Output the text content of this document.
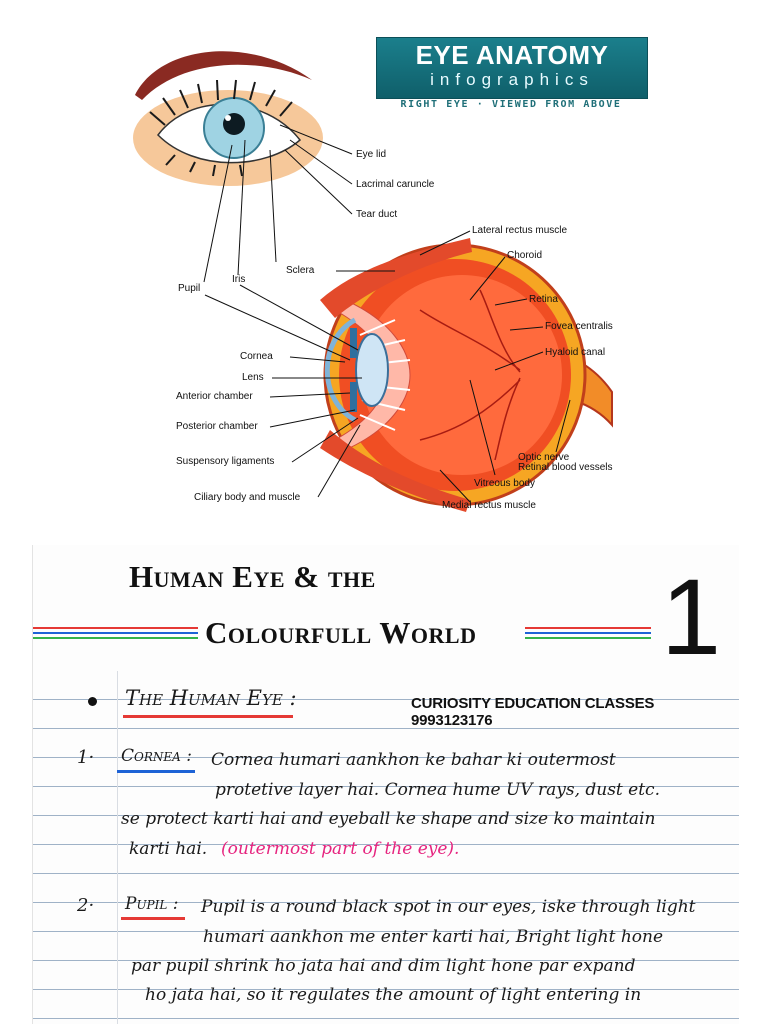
EYE ANATOMY
infographics
RIGHT EYE · VIEWED FROM ABOVE
Eye lid
Lacrimal caruncle
Tear duct
Lateral rectus muscle
Choroid
Sclera
Iris
Pupil
Retina
Fovea centralis
Hyaloid canal
Cornea
Lens
Anterior chamber
Posterior chamber
Suspensory ligaments	Optic nerve
Retinal blood vessels
Vitreous body
Ciliary body and muscle
Medial rectus muscle
Human Eye & the
Colourfull World 1
The Human Eye :	CURIOSITY EDUCATION CLASSES 9993123176
1· Cornea : Cornea humari aankhon ke bahar ki outermost
protetive layer hai. Cornea hume UV rays, dust etc.
se protect karti hai and eyeball ke shape and size ko maintain
karti hai. (outermost part of the eye).
2· Pupil : Pupil is a round black spot in our eyes, iske through light
humari aankhon me enter karti hai, Bright light hone
par pupil shrink ho jata hai and dim light hone par expand
ho jata hai, so it regulates the amount of light entering in
